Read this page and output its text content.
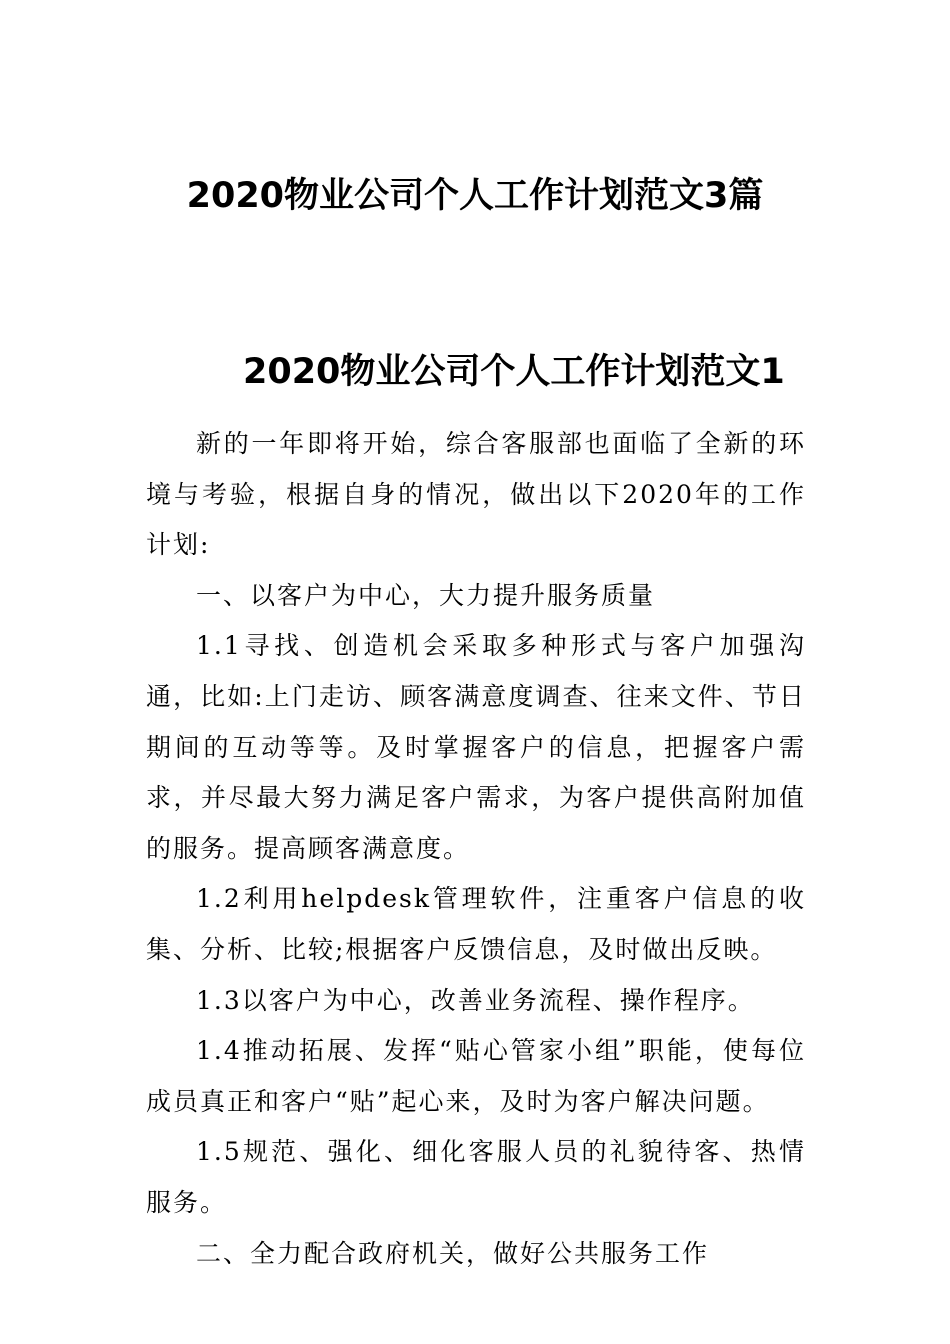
2020物业公司个人工作计划范文3篇
2020物业公司个人工作计划范文1

新的一年即将开始，综合客服部也面临了全新的环境与考验，根据自身的情况，做出以下2020年的工作计划:

一、以客户为中心，大力提升服务质量

1.1寻找、创造机会采取多种形式与客户加强沟通，比如:上门走访、顾客满意度调查、往来文件、节日期间的互动等等。及时掌握客户的信息，把握客户需求，并尽最大努力满足客户需求，为客户提供高附加值的服务。提高顾客满意度。

1.2利用helpdesk管理软件，注重客户信息的收集、分析、比较;根据客户反馈信息，及时做出反映。

1.3以客户为中心，改善业务流程、操作程序。

1.4推动拓展、发挥“贴心管家小组”职能，使每位成员真正和客户“贴”起心来，及时为客户解决问题。

1.5规范、强化、细化客服人员的礼貌待客、热情服务。

二、全力配合政府机关，做好公共服务工作
